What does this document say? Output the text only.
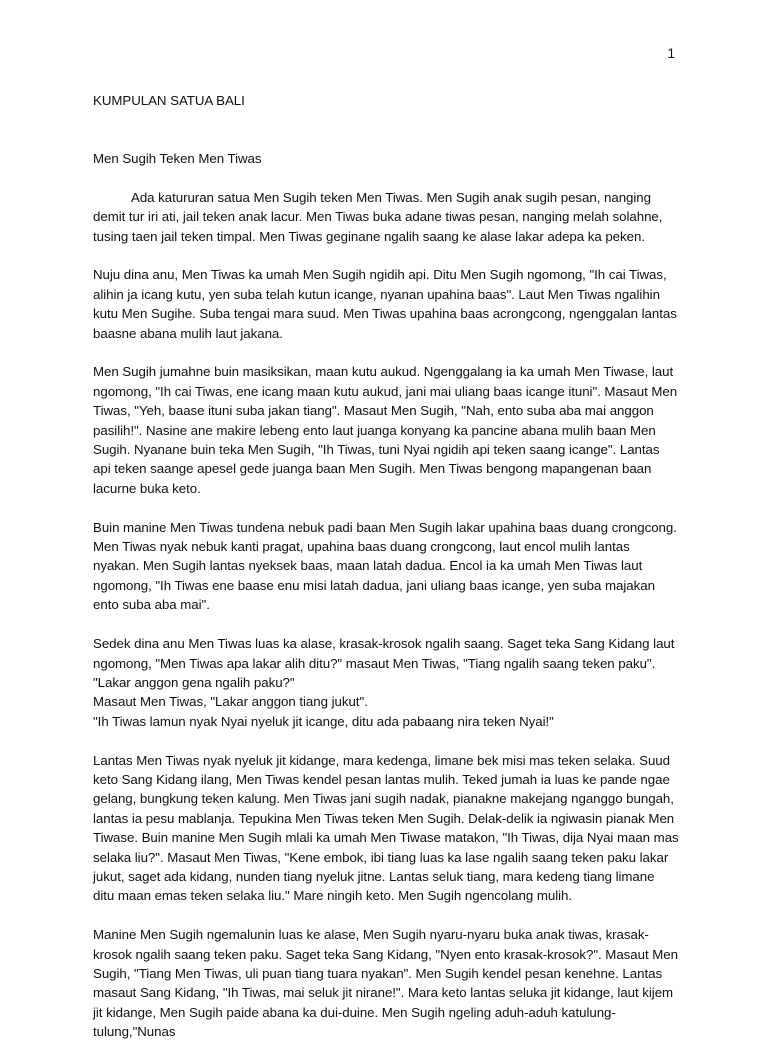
1
KUMPULAN SATUA BALI
Men Sugih Teken Men Tiwas

Ada katururan satua Men Sugih teken Men Tiwas. Men Sugih anak sugih pesan, nanging demit tur iri ati, jail teken anak lacur. Men Tiwas buka adane tiwas pesan, nanging melah solahne, tusing taen jail teken timpal. Men Tiwas geginane ngalih saang ke alase lakar adepa ka peken.

Nuju dina anu, Men Tiwas ka umah Men Sugih ngidih api. Ditu Men Sugih ngomong, "Ih cai Tiwas, alihin ja icang kutu, yen suba telah kutun icange, nyanan upahina baas". Laut Men Tiwas ngalihin kutu Men Sugihe. Suba tengai mara suud. Men Tiwas upahina baas acrongcong, ngenggalan lantas baasne abana mulih laut jakana.

Men Sugih jumahne buin masiksikan, maan kutu aukud. Ngenggalang ia ka umah Men Tiwase, laut ngomong, "Ih cai Tiwas, ene icang maan kutu aukud, jani mai uliang baas icange ituni". Masaut Men Tiwas, "Yeh, baase ituni suba jakan tiang". Masaut Men Sugih, "Nah, ento suba aba mai anggon pasilih!". Nasine ane makire lebeng ento laut juanga konyang ka pancine abana mulih baan Men Sugih. Nyanane buin teka Men Sugih, "Ih Tiwas, tuni Nyai ngidih api teken saang icange". Lantas api teken saange apesel gede juanga baan Men Sugih. Men Tiwas bengong mapangenan baan lacurne buka keto.

Buin manine Men Tiwas tundena nebuk padi baan Men Sugih lakar upahina baas duang crongcong. Men Tiwas nyak nebuk kanti pragat, upahina baas duang crongcong, laut encol mulih lantas nyakan. Men Sugih lantas nyeksek baas, maan latah dadua. Encol ia ka umah Men Tiwas laut ngomong, "Ih Tiwas ene baase enu misi latah dadua, jani uliang baas icange, yen suba majakan ento suba aba mai".

Sedek dina anu Men Tiwas luas ka alase, krasak-krosok ngalih saang. Saget teka Sang Kidang laut ngomong, "Men Tiwas apa lakar alih ditu?" masaut Men Tiwas, "Tiang ngalih saang teken paku".
"Lakar anggon gena ngalih paku?"
Masaut Men Tiwas, "Lakar anggon tiang jukut".
"Ih Tiwas lamun nyak Nyai nyeluk jit icange, ditu ada pabaang nira teken Nyai!"

Lantas Men Tiwas nyak nyeluk jit kidange, mara kedenga, limane bek misi mas teken selaka. Suud keto Sang Kidang ilang, Men Tiwas kendel pesan lantas mulih. Teked jumah ia luas ke pande ngae gelang, bungkung teken kalung. Men Tiwas jani sugih nadak, pianakne makejang nganggo bungah, lantas ia pesu mablanja. Tepukina Men Tiwas teken Men Sugih. Delak-delik ia ngiwasin pianak Men Tiwase. Buin manine Men Sugih mlali ka umah Men Tiwase matakon, "Ih Tiwas, dija Nyai maan mas selaka liu?". Masaut Men Tiwas, "Kene embok, ibi tiang luas ka lase ngalih saang teken paku lakar jukut, saget ada kidang, nunden tiang nyeluk jitne. Lantas seluk tiang, mara kedeng tiang limane ditu maan emas teken selaka liu." Mare ningih keto. Men Sugih ngencolang mulih.

Manine Men Sugih ngemalunin luas ke alase, Men Sugih nyaru-nyaru buka anak tiwas, krasak-krosok ngalih saang teken paku. Saget teka Sang Kidang, "Nyen ento krasak-krosok?". Masaut Men Sugih, "Tiang Men Tiwas, uli puan tiang tuara nyakan". Men Sugih kendel pesan kenehne. Lantas masaut Sang Kidang, "Ih Tiwas, mai seluk jit nirane!". Mara keto lantas seluka jit kidange, laut kijem jit kidange, Men Sugih paide abana ka dui-duine. Men Sugih ngeling aduh-aduh katulung-tulung,"Nunas
